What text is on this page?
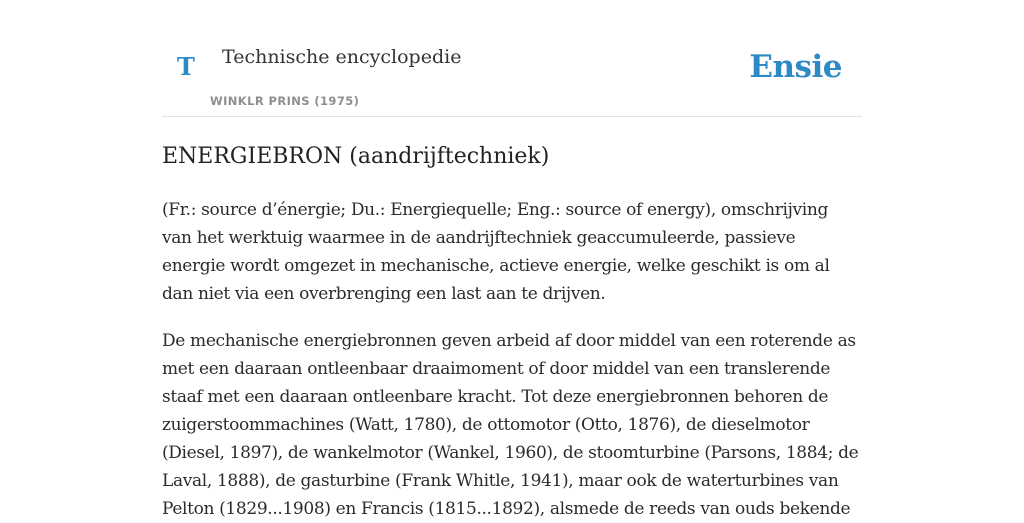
T Technische encyclopedie
WINKLR PRINS (1975)
Ensie
ENERGIEBRON (aandrijftechniek)

(Fr.: source d’énergie; Du.: Energiequelle; Eng.: source of energy), omschrijving van het werktuig waarmee in de aandrijftechniek geaccumuleerde, passieve energie wordt omgezet in mechanische, actieve energie, welke geschikt is om al dan niet via een overbrenging een last aan te drijven.

De mechanische energiebronnen geven arbeid af door middel van een roterende as met een daaraan ontleenbaar draaimoment of door middel van een translerende staaf met een daaraan ontleenbare kracht. Tot deze energiebronnen behoren de zuigerstoommachines (Watt, 1780), de ottomotor (Otto, 1876), de dieselmotor (Diesel, 1897), de wankelmotor (Wankel, 1960), de stoomturbine (Parsons, 1884; de Laval, 1888), de gasturbine (Frank Whitle, 1941), maar ook de waterturbines van Pelton (1829...1908) en Francis (1815...1892), alsmede de reeds van ouds bekende
